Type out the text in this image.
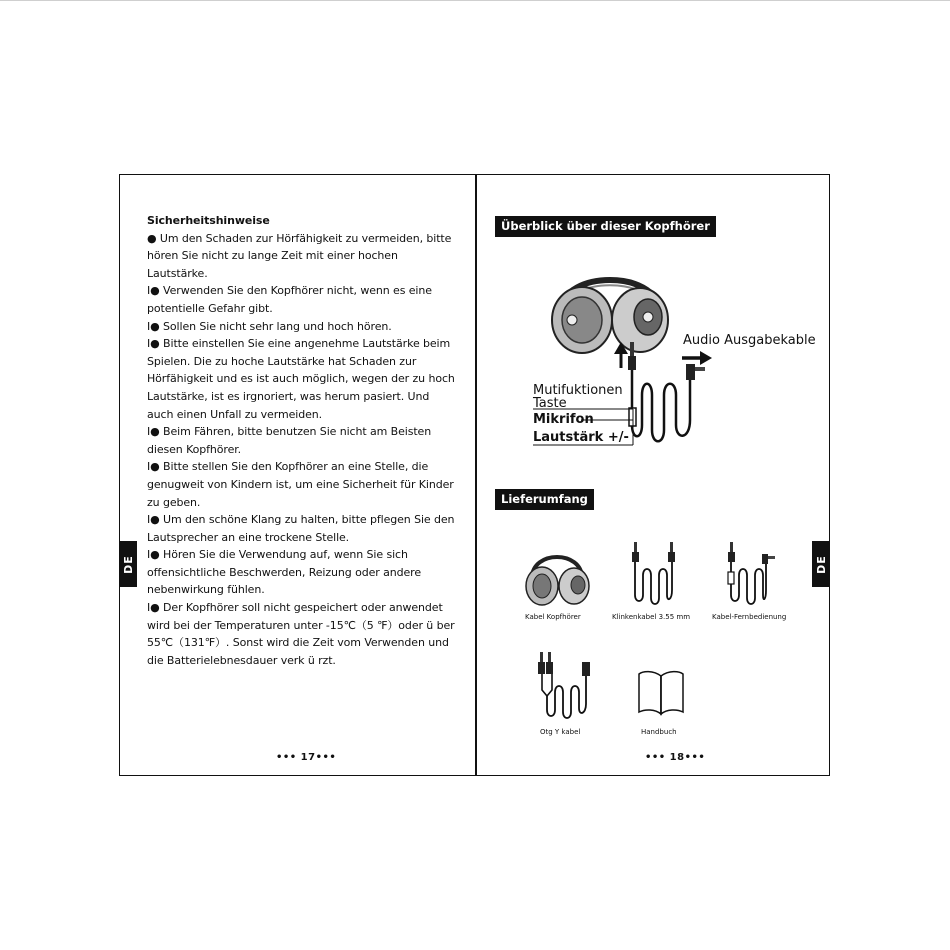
DE	DE
Sicherheitshinweise

● Um den Schaden zur Hörfähigkeit zu vermeiden, bitte hören Sie nicht zu lange Zeit mit einer hochen Lautstärke.

I● Verwenden Sie den Kopfhörer nicht, wenn es eine potentielle Gefahr gibt.

I● Sollen Sie nicht sehr lang und hoch hören.

I● Bitte einstellen Sie eine angenehme Lautstärke beim Spielen. Die zu hoche Lautstärke hat Schaden zur Hörfähigkeit und es ist auch möglich, wegen der zu hoch Lautstärke, ist es irgnoriert, was herum pasiert. Und auch einen Unfall zu vermeiden.

I● Beim Fähren, bitte benutzen Sie nicht am Beisten diesen Kopfhörer.

I● Bitte stellen Sie den Kopfhörer an eine Stelle, die genugweit von Kindern ist, um eine Sicherheit für Kinder zu geben.

I● Um den schöne Klang zu halten, bitte pflegen Sie den Lautsprecher an eine trockene Stelle.

I● Hören Sie die Verwendung auf, wenn Sie sich offensichtliche Beschwerden, Reizung oder andere nebenwirkung fühlen.

I● Der Kopfhörer soll nicht gespeichert oder anwendet wird bei der Temperaturen unter -15℃（5 ℉）oder ü ber 55℃（131℉）. Sonst wird die Zeit vom Verwenden und die Batterielebnesdauer verk ü rzt.

••• 17•••
Überblick über dieser Kopfhörer
Audio Ausgabekable
Mutifuktionen
Taste
Mikrifon
Lautstärk +/-
Lieferumfang
Kabel Kopfhörer	Klinkenkabel 3.55 mm	Kabel-Fernbedienung
Otg Y kabel	Handbuch
••• 18•••
